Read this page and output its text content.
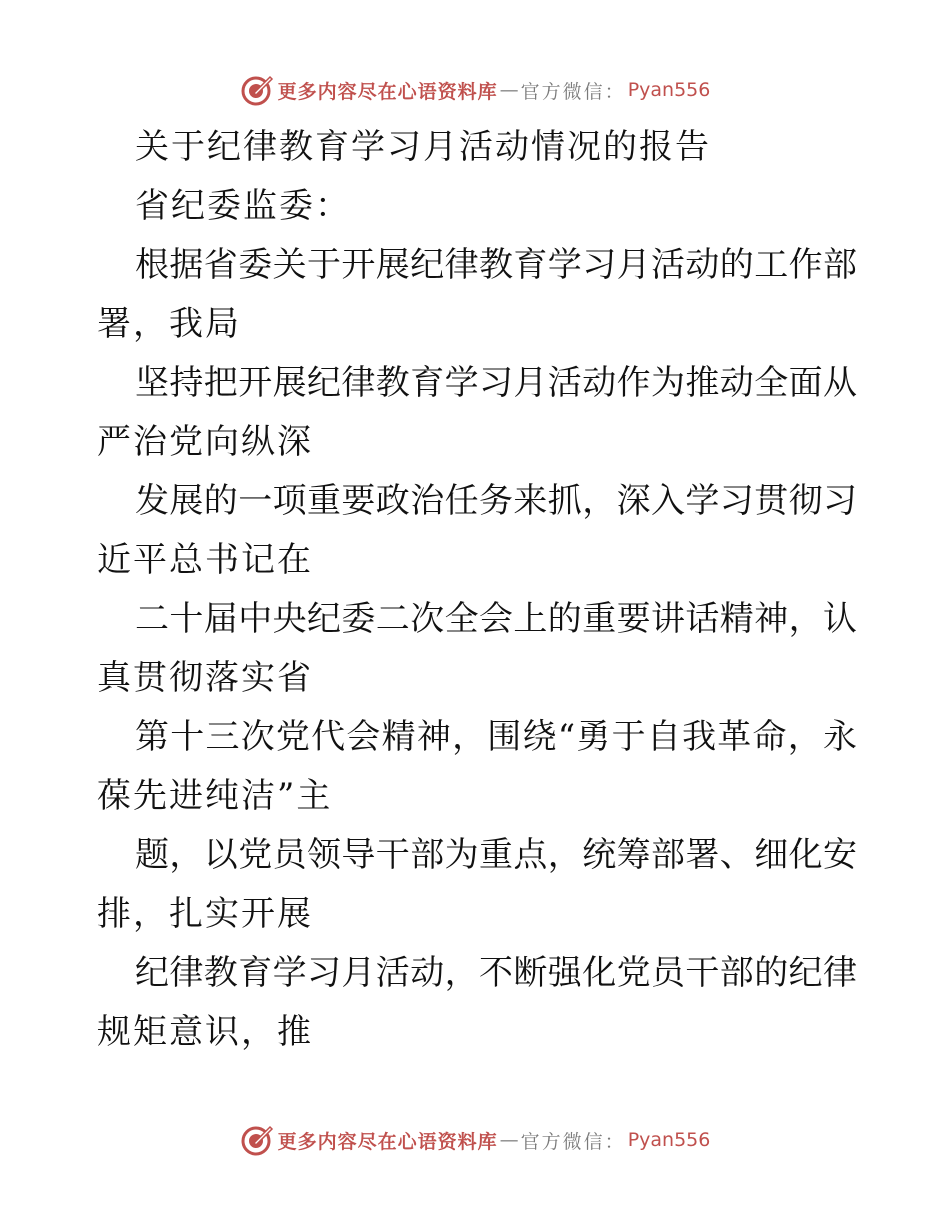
更多内容尽在心语资料库 — 官方微信： Pyan556
关于纪律教育学习月活动情况的报告
省纪委监委：
根据省委关于开展纪律教育学习月活动的工作部
署，我局
坚持把开展纪律教育学习月活动作为推动全面从
严治党向纵深
发展的一项重要政治任务来抓，深入学习贯彻习
近平总书记在
二十届中央纪委二次全会上的重要讲话精神，认
真贯彻落实省
第十三次党代会精神，围绕“勇于自我革命，永
葆先进纯洁”主
题，以党员领导干部为重点，统筹部署、细化安
排，扎实开展
纪律教育学习月活动，不断强化党员干部的纪律
规矩意识，推
更多内容尽在心语资料库 — 官方微信： Pyan556
